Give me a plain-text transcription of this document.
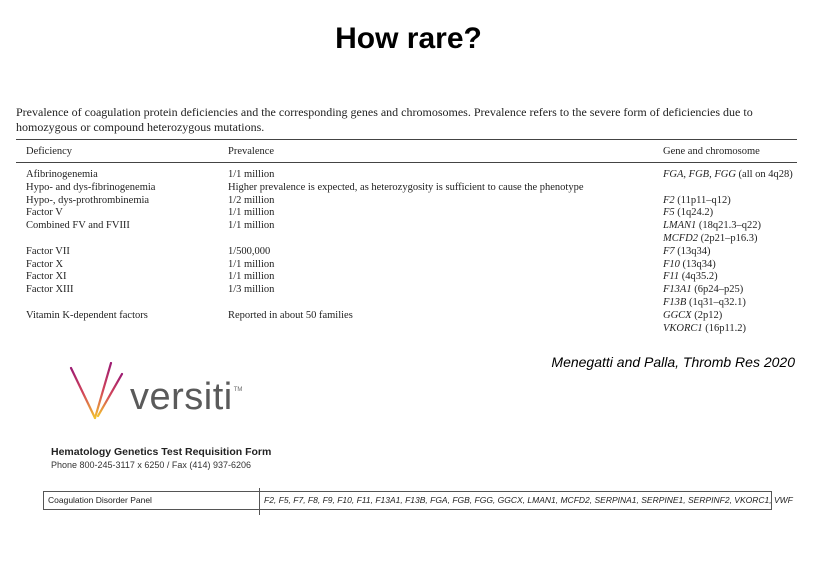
How rare?
Prevalence of coagulation protein deficiencies and the corresponding genes and chromosomes. Prevalence refers to the severe form of deficiencies due to homozygous or compound heterozygous mutations.
Deficiency	Prevalence	Gene and chromosome
Afibrinogenemia	1/1 million	FGA, FGB, FGG (all on 4q28)
Hypo- and dys-fibrinogenemia	Higher prevalence is expected, as heterozygosity is sufficient to cause the phenotype
Hypo-, dys-prothrombinemia	1/2 million	F2 (11p11–q12)
Factor V	1/1 million	F5 (1q24.2)
Combined FV and FVIII	1/1 million	LMAN1 (18q21.3–q22)
MCFD2 (2p21–p16.3)
Factor VII	1/500,000	F7 (13q34)
Factor X	1/1 million	F10 (13q34)
Factor XI	1/1 million	F11 (4q35.2)
Factor XIII	1/3 million	F13A1 (6p24–p25)
F13B (1q31–q32.1)
Vitamin K-dependent factors	Reported in about 50 families	GGCX (2p12)
VKORC1 (16p11.2)
Menegatti and Palla, Thromb Res 2020
versiti™
Hematology Genetics Test Requisition Form
Phone 800-245-3117 x 6250 / Fax (414) 937-6206
Coagulation Disorder Panel	F2, F5, F7, F8, F9, F10, F11, F13A1, F13B, FGA, FGB, FGG, GGCX, LMAN1, MCFD2, SERPINA1, SERPINE1, SERPINF2, VKORC1, VWF
